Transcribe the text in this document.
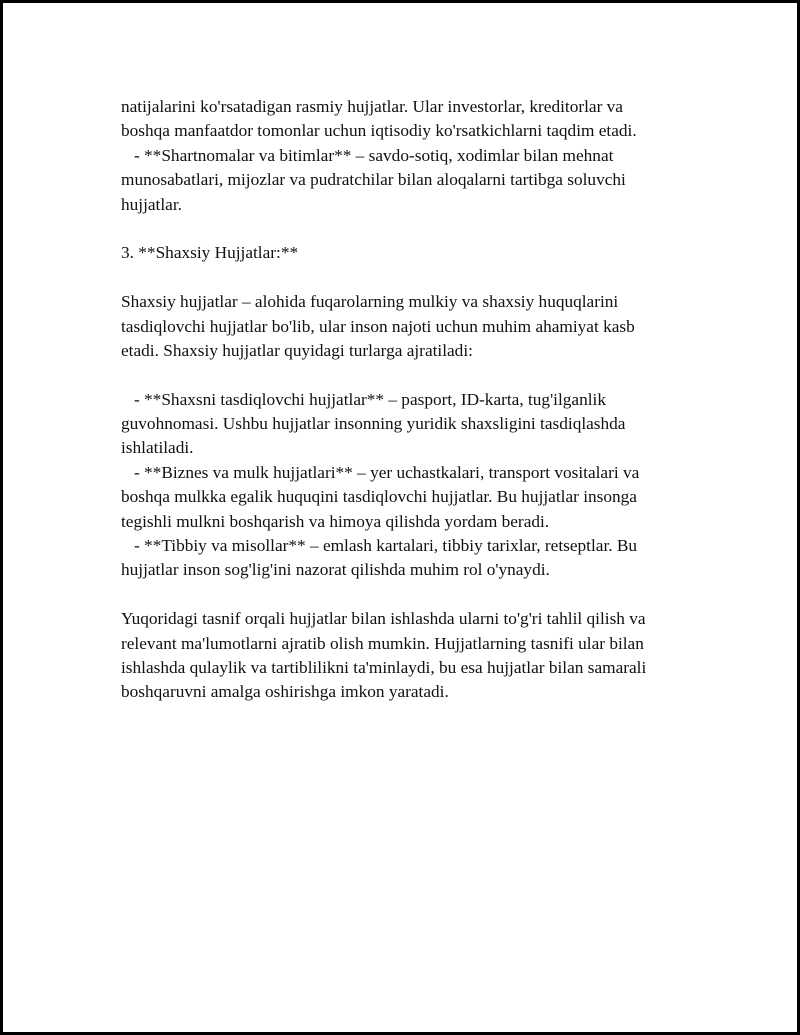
natijalarini ko'rsatadigan rasmiy hujjatlar. Ular investorlar, kreditorlar va
boshqa manfaatdor tomonlar uchun iqtisodiy ko'rsatkichlarni taqdim etadi.
- **Shartnomalar va bitimlar** – savdo-sotiq, xodimlar bilan mehnat
munosabatlari, mijozlar va pudratchilar bilan aloqalarni tartibga soluvchi
hujjatlar.
3. **Shaxsiy Hujjatlar:**
Shaxsiy hujjatlar – alohida fuqarolarning mulkiy va shaxsiy huquqlarini
tasdiqlovchi hujjatlar bo'lib, ular inson najoti uchun muhim ahamiyat kasb
etadi. Shaxsiy hujjatlar quyidagi turlarga ajratiladi:
- **Shaxsni tasdiqlovchi hujjatlar** – pasport, ID-karta, tug'ilganlik
guvohnomasi. Ushbu hujjatlar insonning yuridik shaxsligini tasdiqlashda
ishlatiladi.
- **Biznes va mulk hujjatlari** – yer uchastkalari, transport vositalari va
boshqa mulkka egalik huquqini tasdiqlovchi hujjatlar. Bu hujjatlar insonga
tegishli mulkni boshqarish va himoya qilishda yordam beradi.
- **Tibbiy va misollar** – emlash kartalari, tibbiy tarixlar, retseptlar. Bu
hujjatlar inson sog'lig'ini nazorat qilishda muhim rol o'ynaydi.
Yuqoridagi tasnif orqali hujjatlar bilan ishlashda ularni to'g'ri tahlil qilish va
relevant ma'lumotlarni ajratib olish mumkin. Hujjatlarning tasnifi ular bilan
ishlashda qulaylik va tartiblilikni ta'minlaydi, bu esa hujjatlar bilan samarali
boshqaruvni amalga oshirishga imkon yaratadi.
